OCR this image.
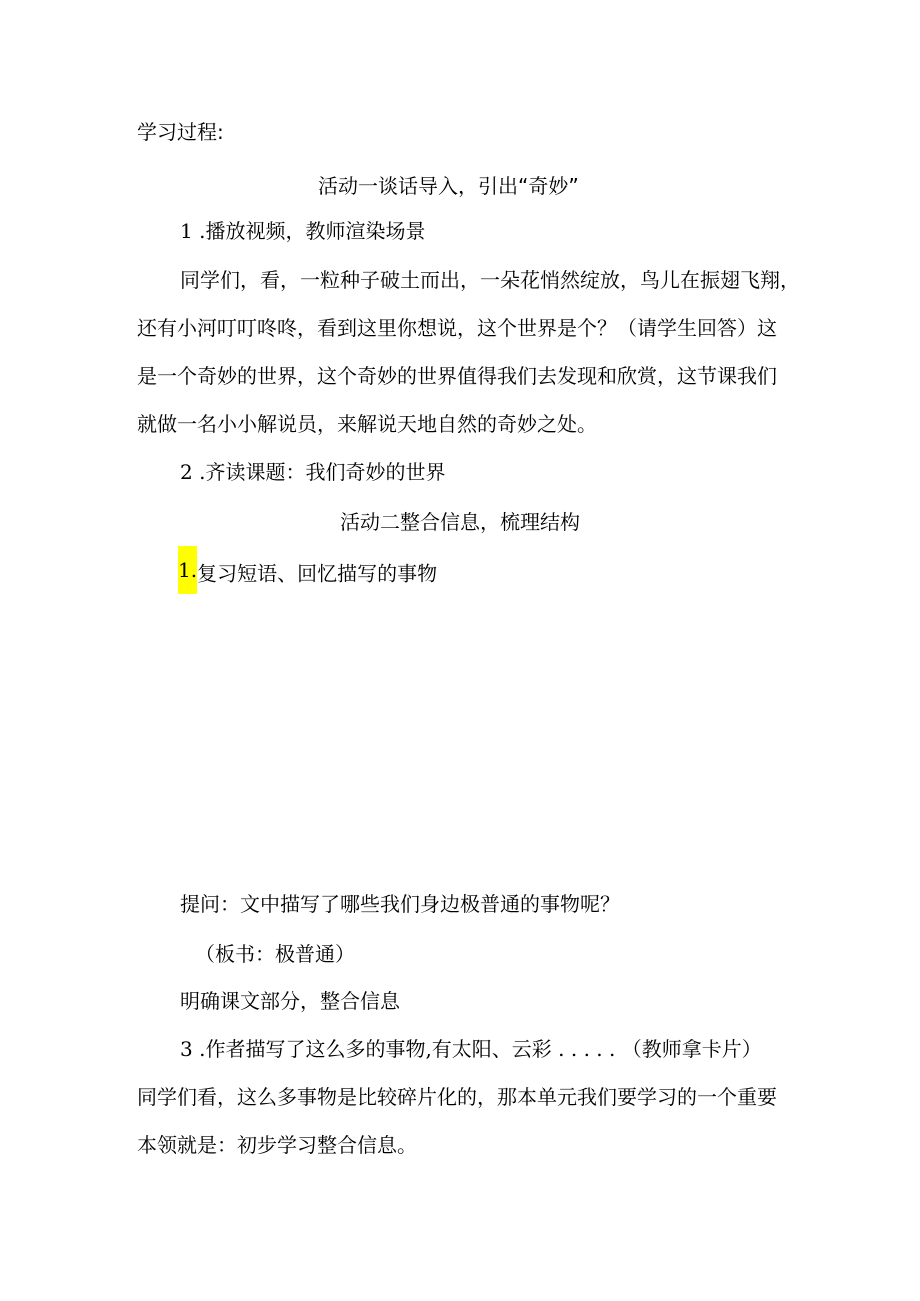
学习过程:
活动一谈话导入，引出“奇妙”
1 .播放视频，教师渲染场景
同学们，看，一粒种子破土而出，一朵花悄然绽放，鸟儿在振翅飞翔，
还有小河叮叮咚咚，看到这里你想说，这个世界是个？（请学生回答）这
是一个奇妙的世界，这个奇妙的世界值得我们去发现和欣赏，这节课我们
就做一名小小解说员，来解说天地自然的奇妙之处。
2 .齐读课题：我们奇妙的世界
活动二整合信息，梳理结构
1.复习短语、回忆描写的事物
提问：文中描写了哪些我们身边极普通的事物呢？
（板书：极普通）
明确课文部分，整合信息
3 .作者描写了这么多的事物,有太阳、云彩 . . . . . （教师拿卡片）
同学们看，这么多事物是比较碎片化的，那本单元我们要学习的一个重要
本领就是：初步学习整合信息。
